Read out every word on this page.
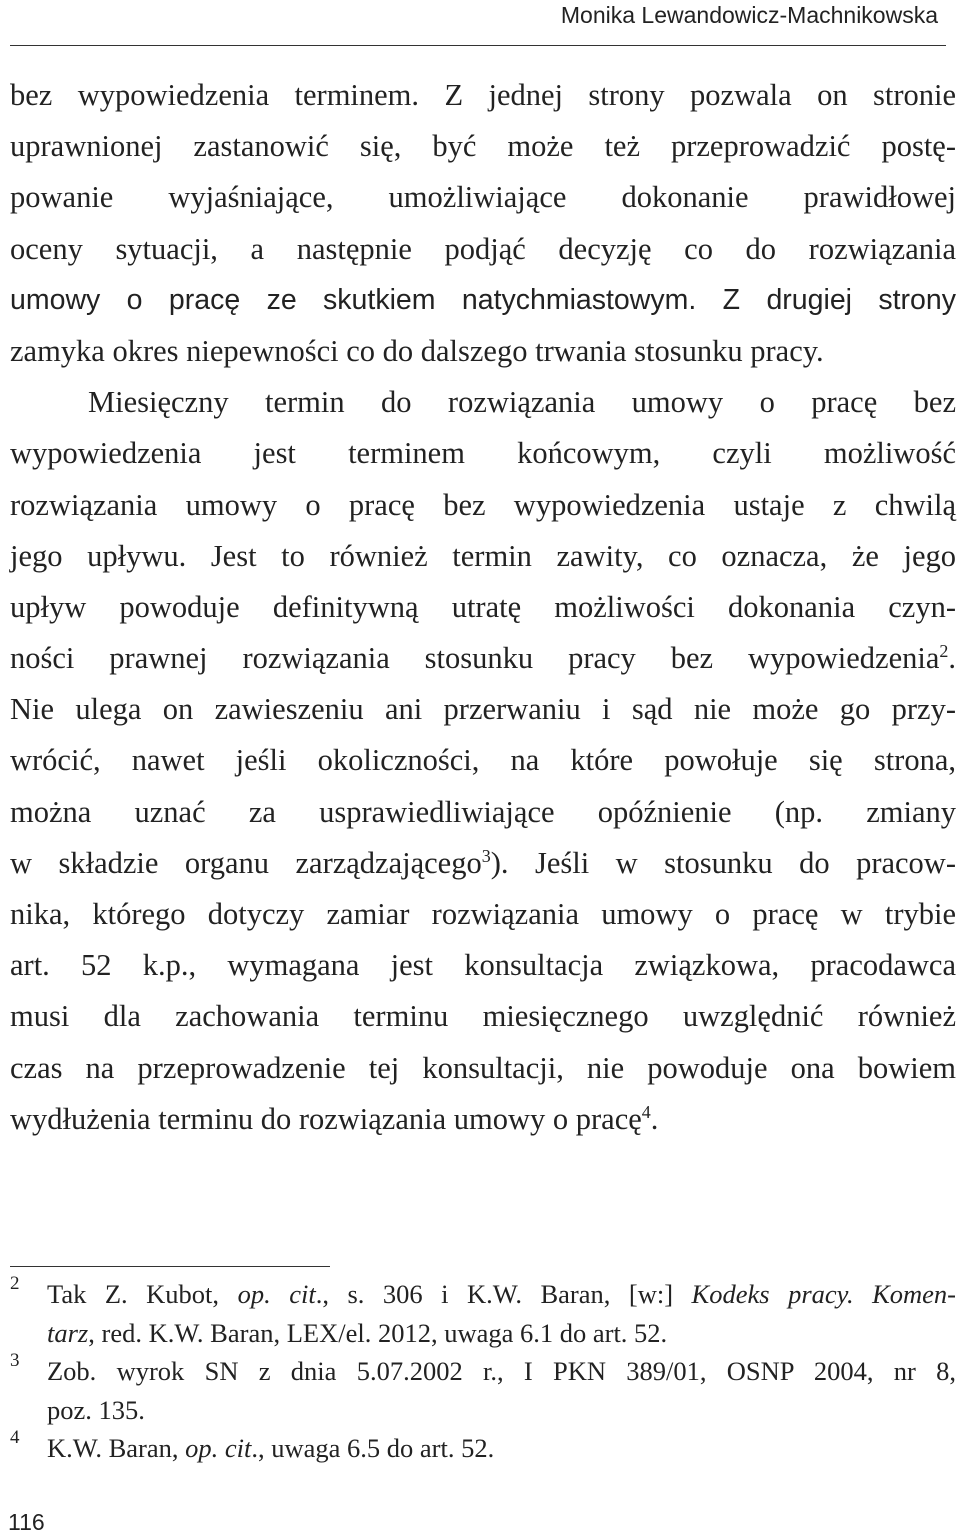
Monika Lewandowicz-Machnikowska
bez wypowiedzenia terminem. Z jednej strony pozwala on stronie
uprawnionej zastanowić się, być może też przeprowadzić postę-
powanie wyjaśniające, umożliwiające dokonanie prawidłowej
oceny sytuacji, a następnie podjąć decyzję co do rozwiązania
umowy o pracę ze skutkiem natychmiastowym. Z drugiej strony
zamyka okres niepewności co do dalszego trwania stosunku pracy.
Miesięczny termin do rozwiązania umowy o pracę bez
wypowiedzenia jest terminem końcowym, czyli możliwość
rozwiązania umowy o pracę bez wypowiedzenia ustaje z chwilą
jego upływu. Jest to również termin zawity, co oznacza, że jego
upływ powoduje definitywną utratę możliwości dokonania czyn-
ności prawnej rozwiązania stosunku pracy bez wypowiedzenia$^2$.
Nie ulega on zawieszeniu ani przerwaniu i sąd nie może go przy-
wrócić, nawet jeśli okoliczności, na które powołuje się strona,
można uznać za usprawiedliwiające opóźnienie (np. zmiany
w składzie organu zarządzającego$^3$). Jeśli w stosunku do pracow-
nika, którego dotyczy zamiar rozwiązania umowy o pracę w trybie
art. 52 k.p., wymagana jest konsultacja związkowa, pracodawca
musi dla zachowania terminu miesięcznego uwzględnić również
czas na przeprowadzenie tej konsultacji, nie powoduje ona bowiem
wydłużenia terminu do rozwiązania umowy o pracę$^4$.
2 Tak Z. Kubot, op. cit., s. 306 i K.W. Baran, [w:] Kodeks pracy. Komen-
tarz, red. K.W. Baran, LEX/el. 2012, uwaga 6.1 do art. 52.
3 Zob. wyrok SN z dnia 5.07.2002 r., I PKN 389/01, OSNP 2004, nr 8,
poz. 135.
4 K.W. Baran, op. cit., uwaga 6.5 do art. 52.
116
